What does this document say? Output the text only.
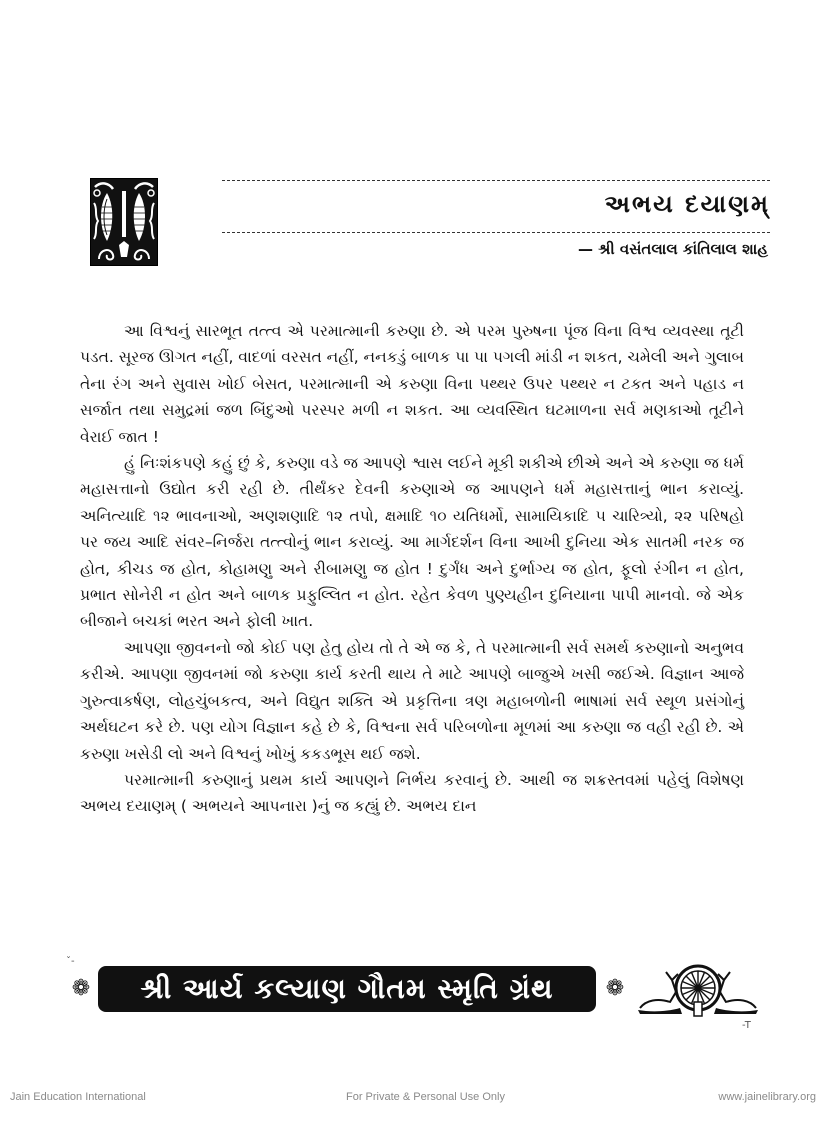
અભય દયાણમ્
— શ્રી વસંતલાલ કાંતિલાલ શાહ

આ વિશ્વનું સારભૂત તત્ત્વ એ પરમાત્માની કરુણા છે. એ પરમ પુરુષના પૂંજ વિના વિશ્વ વ્યવસ્થા તૂટી પડત. સૂરજ ઊગત નહીં, વાદળાં વરસત નહીં, નનકડું બાળક પા પા પગલી માંડી ન શકત, ચમેલી અને ગુલાબ તેના રંગ અને સુવાસ ખોઈ બેસત, પરમાત્માની એ કરુણા વિના પથ્થર ઉપર પથ્થર ન ટકત અને પહાડ ન સર્જાત તથા સમુદ્રમાં જળ બિંદુઓ પરસ્પર મળી ન શકત. આ વ્યવસ્થિત ઘટમાળના સર્વ મણકાઓ તૂટીને વેરાઈ જાત !

હું નિઃશંકપણે કહું છું કે, કરુણા વડે જ આપણે શ્વાસ લઈને મૂકી શકીએ છીએ અને એ કરુણા જ ધર્મ મહાસત્તાનો ઉદ્યોત કરી રહી છે. તીર્થંકર દેવની કરુણાએ જ આપણને ધર્મ મહાસત્તાનું ભાન કરાવ્યું. અનિત્યાદિ ૧૨ ભાવનાઓ, અણશણાદિ ૧૨ તપો, ક્ષમાદિ ૧૦ યતિધર્મો, સામાયિકાદિ ૫ ચારિત્ર્યો, ૨૨ પરિષહો પર જય આદિ સંવર–નિર્જરા તત્ત્વોનું ભાન કરાવ્યું. આ માર્ગદર્શન વિના આખી દુનિયા એક સાતમી નરક જ હોત, કીચડ જ હોત, કોહામણુ અને રીબામણુ જ હોત ! દુર્ગંધ અને દુર્ભાગ્ય જ હોત, ફૂલો રંગીન ન હોત, પ્રભાત સોનેરી ન હોત અને બાળક પ્રફુલ્લિત ન હોત. રહેત કેવળ પુણ્યહીન દુનિયાના પાપી માનવો. જે એક બીજાને બચકાં ભરત અને ફોલી ખાત.

આપણા જીવનનો જો કોઈ પણ હેતુ હોય તો તે એ જ કે, તે પરમાત્માની સર્વ સમર્થ કરુણાનો અનુભવ કરીએ. આપણા જીવનમાં જો કરુણા કાર્ય કરતી થાય તે માટે આપણે બાજુએ ખસી જઈએ. વિજ્ઞાન આજે ગુરુત્વાકર્ષણ, લોહચુંબકત્વ, અને વિદ્યુત શક્તિ એ પ્રકૃત્તિના ત્રણ મહાબળોની ભાષામાં સર્વ સ્થૂળ પ્રસંગોનું અર્થઘટન કરે છે. પણ યોગ વિજ્ઞાન કહે છે કે, વિશ્વના સર્વ પરિબળોના મૂળમાં આ કરુણા જ વહી રહી છે. એ કરુણા ખસેડી લો અને વિશ્વનું ખોખું કકડભૂસ થઈ જશે.

પરમાત્માની કરુણાનું પ્રથમ કાર્ય આપણને નિર્ભય કરવાનું છે. આથી જ શક્રસ્તવમાં પહેલું વિશેષણ અભય દયાણમ્ ( અભયને આપનારા )નું જ કહ્યું છે. અભય દાન

ˇ-
❁	શ્રી આર્ય કલ્યાણ ગૌતમ સ્મૃતિ ગ્રંથ	❁
-T
Jain Education International	For Private & Personal Use Only	www.jainelibrary.org
